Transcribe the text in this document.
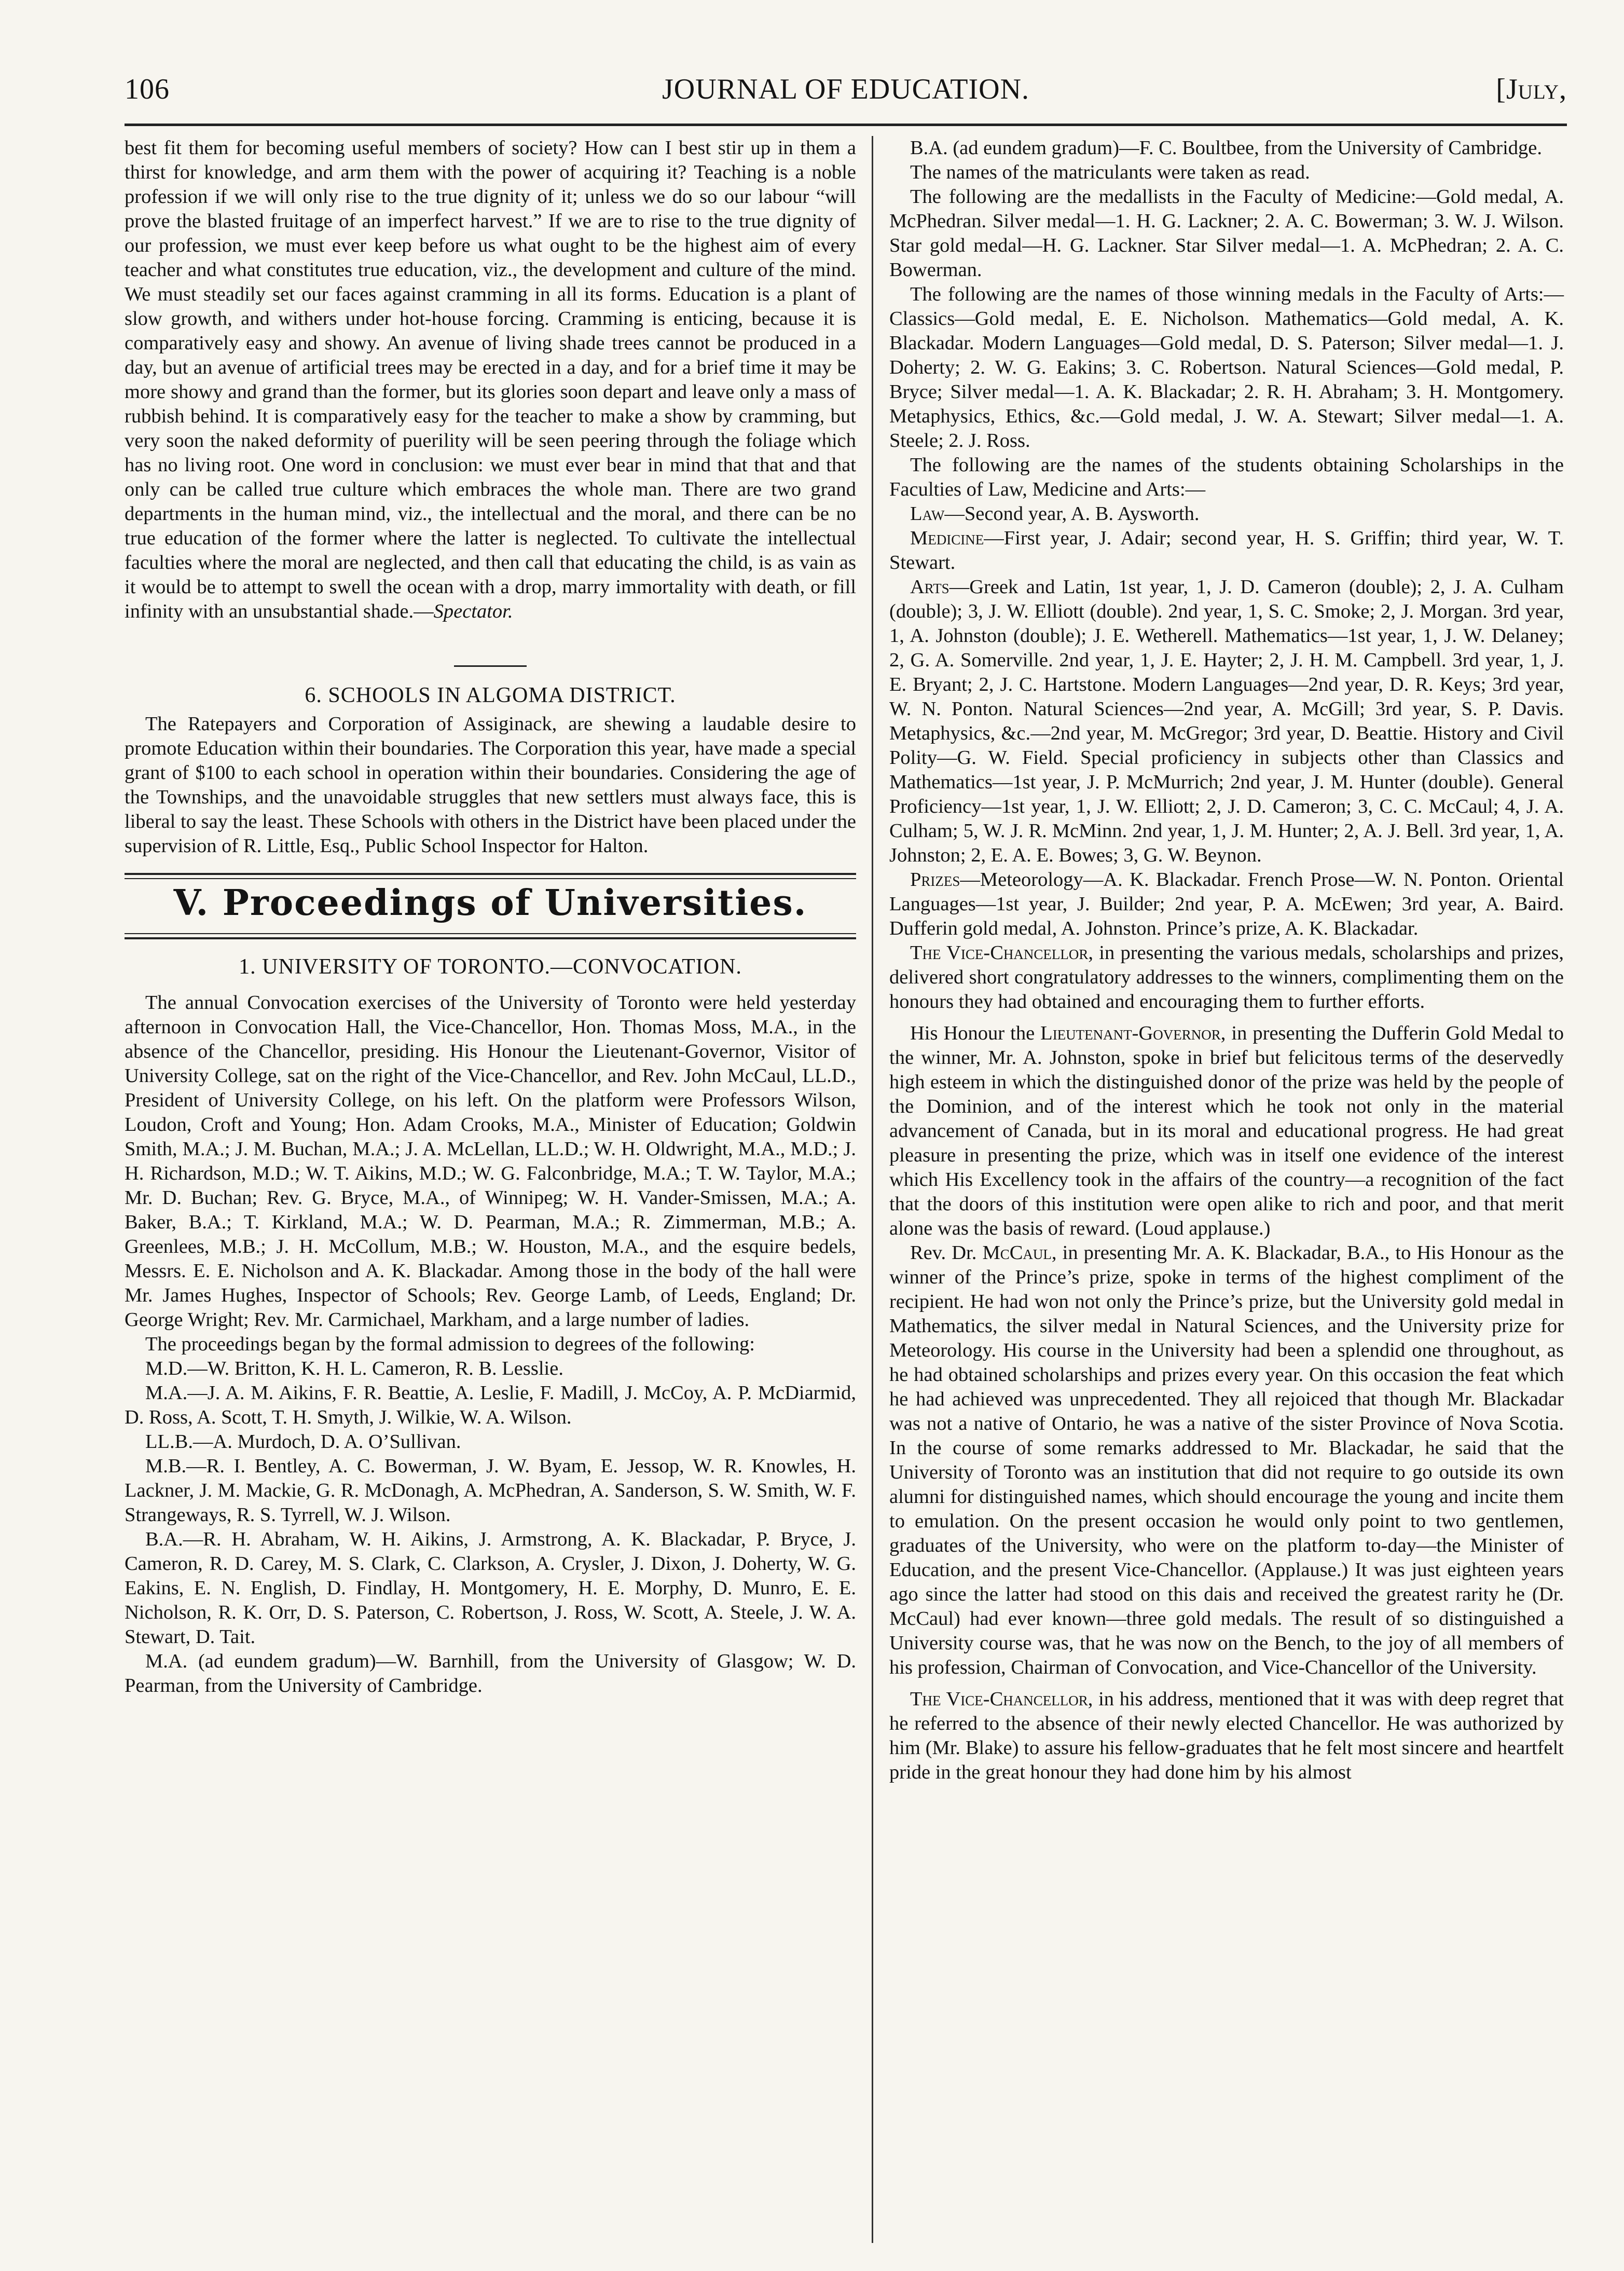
106	JOURNAL OF EDUCATION.	[July,

best fit them for becoming useful members of society? How can I best stir up in them a thirst for knowledge, and arm them with the power of acquiring it? Teaching is a noble profession if we will only rise to the true dignity of it; unless we do so our labour “will prove the blasted fruitage of an imperfect harvest.” If we are to rise to the true dignity of our profession, we must ever keep before us what ought to be the highest aim of every teacher and what constitutes true education, viz., the development and culture of the mind. We must steadily set our faces against cramming in all its forms. Education is a plant of slow growth, and withers under hot-house forcing. Cramming is enticing, because it is comparatively easy and showy. An avenue of living shade trees cannot be produced in a day, but an avenue of artificial trees may be erected in a day, and for a brief time it may be more showy and grand than the former, but its glories soon depart and leave only a mass of rubbish behind. It is comparatively easy for the teacher to make a show by cramming, but very soon the naked deformity of puerility will be seen peering through the foliage which has no living root. One word in conclusion: we must ever bear in mind that that and that only can be called true culture which embraces the whole man. There are two grand departments in the human mind, viz., the intellectual and the moral, and there can be no true education of the former where the latter is neglected. To cultivate the intellectual faculties where the moral are neglected, and then call that educating the child, is as vain as it would be to attempt to swell the ocean with a drop, marry immortality with death, or fill infinity with an unsubstantial shade.—Spectator.

6. SCHOOLS IN ALGOMA DISTRICT.

The Ratepayers and Corporation of Assiginack, are shewing a laudable desire to promote Education within their boundaries. The Corporation this year, have made a special grant of $100 to each school in operation within their boundaries. Considering the age of the Townships, and the unavoidable struggles that new settlers must always face, this is liberal to say the least. These Schools with others in the District have been placed under the supervision of R. Little, Esq., Public School Inspector for Halton.

V. Proceedings of Universities.
1. UNIVERSITY OF TORONTO.—CONVOCATION.

The annual Convocation exercises of the University of Toronto were held yesterday afternoon in Convocation Hall, the Vice-Chancellor, Hon. Thomas Moss, M.A., in the absence of the Chancellor, presiding. His Honour the Lieutenant-Governor, Visitor of University College, sat on the right of the Vice-Chancellor, and Rev. John McCaul, LL.D., President of University College, on his left. On the platform were Professors Wilson, Loudon, Croft and Young; Hon. Adam Crooks, M.A., Minister of Education; Goldwin Smith, M.A.; J. M. Buchan, M.A.; J. A. McLellan, LL.D.; W. H. Oldwright, M.A., M.D.; J. H. Richardson, M.D.; W. T. Aikins, M.D.; W. G. Falconbridge, M.A.; T. W. Taylor, M.A.; Mr. D. Buchan; Rev. G. Bryce, M.A., of Winnipeg; W. H. Vander-Smissen, M.A.; A. Baker, B.A.; T. Kirkland, M.A.; W. D. Pearman, M.A.; R. Zimmerman, M.B.; A. Greenlees, M.B.; J. H. McCollum, M.B.; W. Houston, M.A., and the esquire bedels, Messrs. E. E. Nicholson and A. K. Blackadar. Among those in the body of the hall were Mr. James Hughes, Inspector of Schools; Rev. George Lamb, of Leeds, England; Dr. George Wright; Rev. Mr. Carmichael, Markham, and a large number of ladies.

The proceedings began by the formal admission to degrees of the following:

M.D.—W. Britton, K. H. L. Cameron, R. B. Lesslie.

M.A.—J. A. M. Aikins, F. R. Beattie, A. Leslie, F. Madill, J. McCoy, A. P. McDiarmid, D. Ross, A. Scott, T. H. Smyth, J. Wilkie, W. A. Wilson.

LL.B.—A. Murdoch, D. A. O’Sullivan.

M.B.—R. I. Bentley, A. C. Bowerman, J. W. Byam, E. Jessop, W. R. Knowles, H. Lackner, J. M. Mackie, G. R. McDonagh, A. McPhedran, A. Sanderson, S. W. Smith, W. F. Strangeways, R. S. Tyrrell, W. J. Wilson.

B.A.—R. H. Abraham, W. H. Aikins, J. Armstrong, A. K. Blackadar, P. Bryce, J. Cameron, R. D. Carey, M. S. Clark, C. Clarkson, A. Crysler, J. Dixon, J. Doherty, W. G. Eakins, E. N. English, D. Findlay, H. Montgomery, H. E. Morphy, D. Munro, E. E. Nicholson, R. K. Orr, D. S. Paterson, C. Robertson, J. Ross, W. Scott, A. Steele, J. W. A. Stewart, D. Tait.

M.A. (ad eundem gradum)—W. Barnhill, from the University of Glasgow; W. D. Pearman, from the University of Cambridge.

B.A. (ad eundem gradum)—F. C. Boultbee, from the University of Cambridge.

The names of the matriculants were taken as read.

The following are the medallists in the Faculty of Medicine:—Gold medal, A. McPhedran. Silver medal—1. H. G. Lackner; 2. A. C. Bowerman; 3. W. J. Wilson. Star gold medal—H. G. Lackner. Star Silver medal—1. A. McPhedran; 2. A. C. Bowerman.

The following are the names of those winning medals in the Faculty of Arts:—Classics—Gold medal, E. E. Nicholson. Mathematics—Gold medal, A. K. Blackadar. Modern Languages—Gold medal, D. S. Paterson; Silver medal—1. J. Doherty; 2. W. G. Eakins; 3. C. Robertson. Natural Sciences—Gold medal, P. Bryce; Silver medal—1. A. K. Blackadar; 2. R. H. Abraham; 3. H. Montgomery. Metaphysics, Ethics, &c.—Gold medal, J. W. A. Stewart; Silver medal—1. A. Steele; 2. J. Ross.

The following are the names of the students obtaining Scholarships in the Faculties of Law, Medicine and Arts:—

Law—Second year, A. B. Aysworth.

Medicine—First year, J. Adair; second year, H. S. Griffin; third year, W. T. Stewart.

Arts—Greek and Latin, 1st year, 1, J. D. Cameron (double); 2, J. A. Culham (double); 3, J. W. Elliott (double). 2nd year, 1, S. C. Smoke; 2, J. Morgan. 3rd year, 1, A. Johnston (double); J. E. Wetherell. Mathematics—1st year, 1, J. W. Delaney; 2, G. A. Somerville. 2nd year, 1, J. E. Hayter; 2, J. H. M. Campbell. 3rd year, 1, J. E. Bryant; 2, J. C. Hartstone. Modern Languages—2nd year, D. R. Keys; 3rd year, W. N. Ponton. Natural Sciences—2nd year, A. McGill; 3rd year, S. P. Davis. Metaphysics, &c.—2nd year, M. McGregor; 3rd year, D. Beattie. History and Civil Polity—G. W. Field. Special proficiency in subjects other than Classics and Mathematics—1st year, J. P. McMurrich; 2nd year, J. M. Hunter (double). General Proficiency—1st year, 1, J. W. Elliott; 2, J. D. Cameron; 3, C. C. McCaul; 4, J. A. Culham; 5, W. J. R. McMinn. 2nd year, 1, J. M. Hunter; 2, A. J. Bell. 3rd year, 1, A. Johnston; 2, E. A. E. Bowes; 3, G. W. Beynon.

Prizes—Meteorology—A. K. Blackadar. French Prose—W. N. Ponton. Oriental Languages—1st year, J. Builder; 2nd year, P. A. McEwen; 3rd year, A. Baird. Dufferin gold medal, A. Johnston. Prince’s prize, A. K. Blackadar.

The Vice-Chancellor, in presenting the various medals, scholarships and prizes, delivered short congratulatory addresses to the winners, complimenting them on the honours they had obtained and encouraging them to further efforts.

His Honour the Lieutenant-Governor, in presenting the Dufferin Gold Medal to the winner, Mr. A. Johnston, spoke in brief but felicitous terms of the deservedly high esteem in which the distinguished donor of the prize was held by the people of the Dominion, and of the interest which he took not only in the material advancement of Canada, but in its moral and educational progress. He had great pleasure in presenting the prize, which was in itself one evidence of the interest which His Excellency took in the affairs of the country—a recognition of the fact that the doors of this institution were open alike to rich and poor, and that merit alone was the basis of reward. (Loud applause.)

Rev. Dr. McCaul, in presenting Mr. A. K. Blackadar, B.A., to His Honour as the winner of the Prince’s prize, spoke in terms of the highest compliment of the recipient. He had won not only the Prince’s prize, but the University gold medal in Mathematics, the silver medal in Natural Sciences, and the University prize for Meteorology. His course in the University had been a splendid one throughout, as he had obtained scholarships and prizes every year. On this occasion the feat which he had achieved was unprecedented. They all rejoiced that though Mr. Blackadar was not a native of Ontario, he was a native of the sister Province of Nova Scotia. In the course of some remarks addressed to Mr. Blackadar, he said that the University of Toronto was an institution that did not require to go outside its own alumni for distinguished names, which should encourage the young and incite them to emulation. On the present occasion he would only point to two gentlemen, graduates of the University, who were on the platform to-day—the Minister of Education, and the present Vice-Chancellor. (Applause.) It was just eighteen years ago since the latter had stood on this dais and received the greatest rarity he (Dr. McCaul) had ever known—three gold medals. The result of so distinguished a University course was, that he was now on the Bench, to the joy of all members of his profession, Chairman of Convocation, and Vice-Chancellor of the University.

The Vice-Chancellor, in his address, mentioned that it was with deep regret that he referred to the absence of their newly elected Chancellor. He was authorized by him (Mr. Blake) to assure his fellow-graduates that he felt most sincere and heartfelt pride in the great honour they had done him by his almost
